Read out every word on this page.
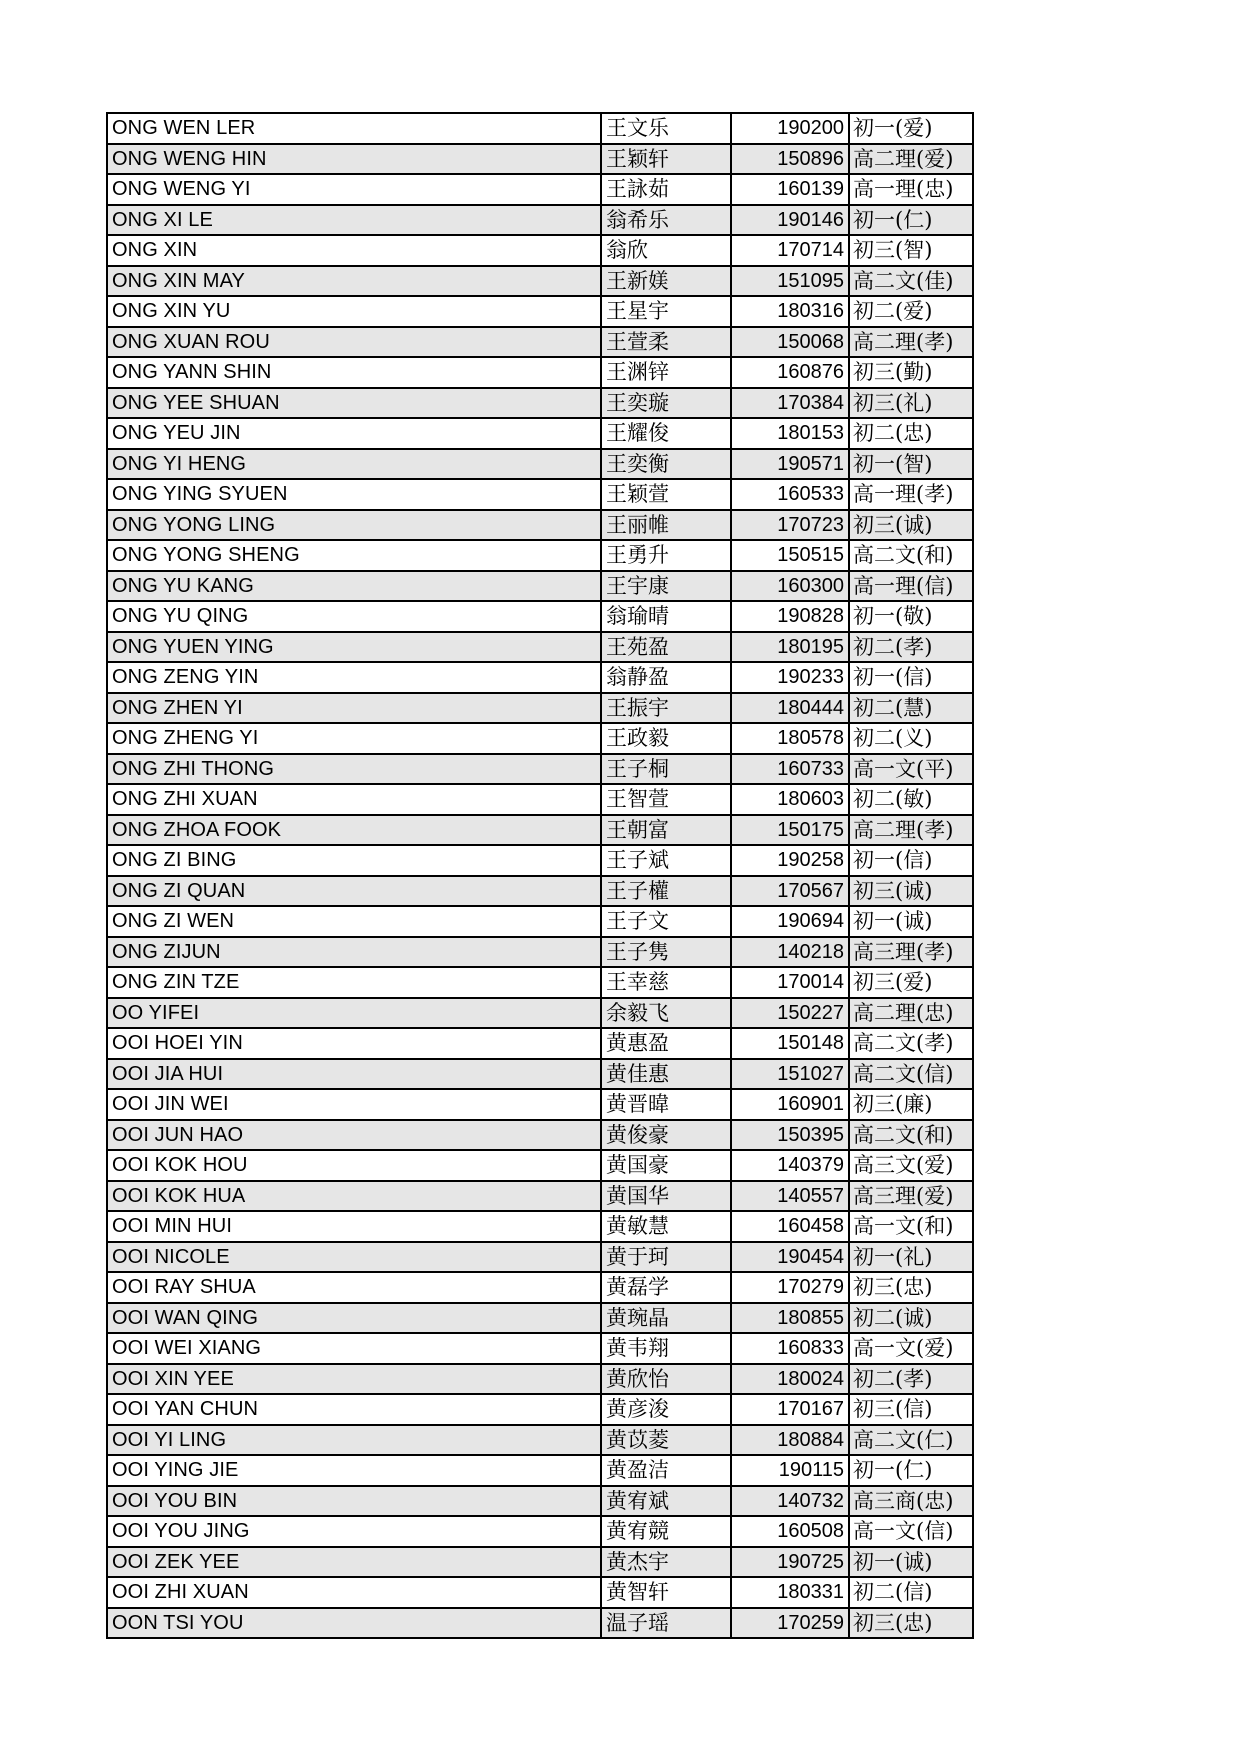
ONG WEN LER	王文乐	190200	初一(爱)
ONG WENG HIN	王颖轩	150896	高二理(爱)
ONG WENG YI	王詠茹	160139	高一理(忠)
ONG XI LE	翁希乐	190146	初一(仁)
ONG XIN	翁欣	170714	初三(智)
ONG XIN MAY	王新媄	151095	高二文(佳)
ONG XIN YU	王星宇	180316	初二(爱)
ONG XUAN ROU	王萱柔	150068	高二理(孝)
ONG YANN SHIN	王渊锌	160876	初三(勤)
ONG YEE SHUAN	王奕璇	170384	初三(礼)
ONG YEU JIN	王耀俊	180153	初二(忠)
ONG YI HENG	王奕衡	190571	初一(智)
ONG YING SYUEN	王颖萱	160533	高一理(孝)
ONG YONG LING	王丽帷	170723	初三(诚)
ONG YONG SHENG	王勇升	150515	高二文(和)
ONG YU KANG	王宇康	160300	高一理(信)
ONG YU QING	翁瑜晴	190828	初一(敬)
ONG YUEN YING	王苑盈	180195	初二(孝)
ONG ZENG YIN	翁静盈	190233	初一(信)
ONG ZHEN YI	王振宇	180444	初二(慧)
ONG ZHENG YI	王政毅	180578	初二(义)
ONG ZHI THONG	王子桐	160733	高一文(平)
ONG ZHI XUAN	王智萱	180603	初二(敏)
ONG ZHOA FOOK	王朝富	150175	高二理(孝)
ONG ZI BING	王子斌	190258	初一(信)
ONG ZI QUAN	王子權	170567	初三(诚)
ONG ZI WEN	王子文	190694	初一(诚)
ONG ZIJUN	王子隽	140218	高三理(孝)
ONG ZIN TZE	王幸慈	170014	初三(爱)
OO YIFEI	余毅飞	150227	高二理(忠)
OOI HOEI YIN	黄惠盈	150148	高二文(孝)
OOI JIA HUI	黄佳惠	151027	高二文(信)
OOI JIN WEI	黄晋暐	160901	初三(廉)
OOI JUN HAO	黄俊豪	150395	高二文(和)
OOI KOK HOU	黄国豪	140379	高三文(爱)
OOI KOK HUA	黄国华	140557	高三理(爱)
OOI MIN HUI	黄敏慧	160458	高一文(和)
OOI NICOLE	黄于珂	190454	初一(礼)
OOI RAY SHUA	黄磊学	170279	初三(忠)
OOI WAN QING	黄琬晶	180855	初二(诚)
OOI WEI XIANG	黄韦翔	160833	高一文(爱)
OOI XIN YEE	黄欣怡	180024	初二(孝)
OOI YAN CHUN	黄彦浚	170167	初三(信)
OOI YI LING	黄苡菱	180884	高二文(仁)
OOI YING JIE	黄盈洁	190115	初一(仁)
OOI YOU BIN	黄宥斌	140732	高三商(忠)
OOI YOU JING	黄宥競	160508	高一文(信)
OOI ZEK YEE	黄杰宇	190725	初一(诚)
OOI ZHI XUAN	黄智轩	180331	初二(信)
OON TSI YOU	温子瑶	170259	初三(忠)
